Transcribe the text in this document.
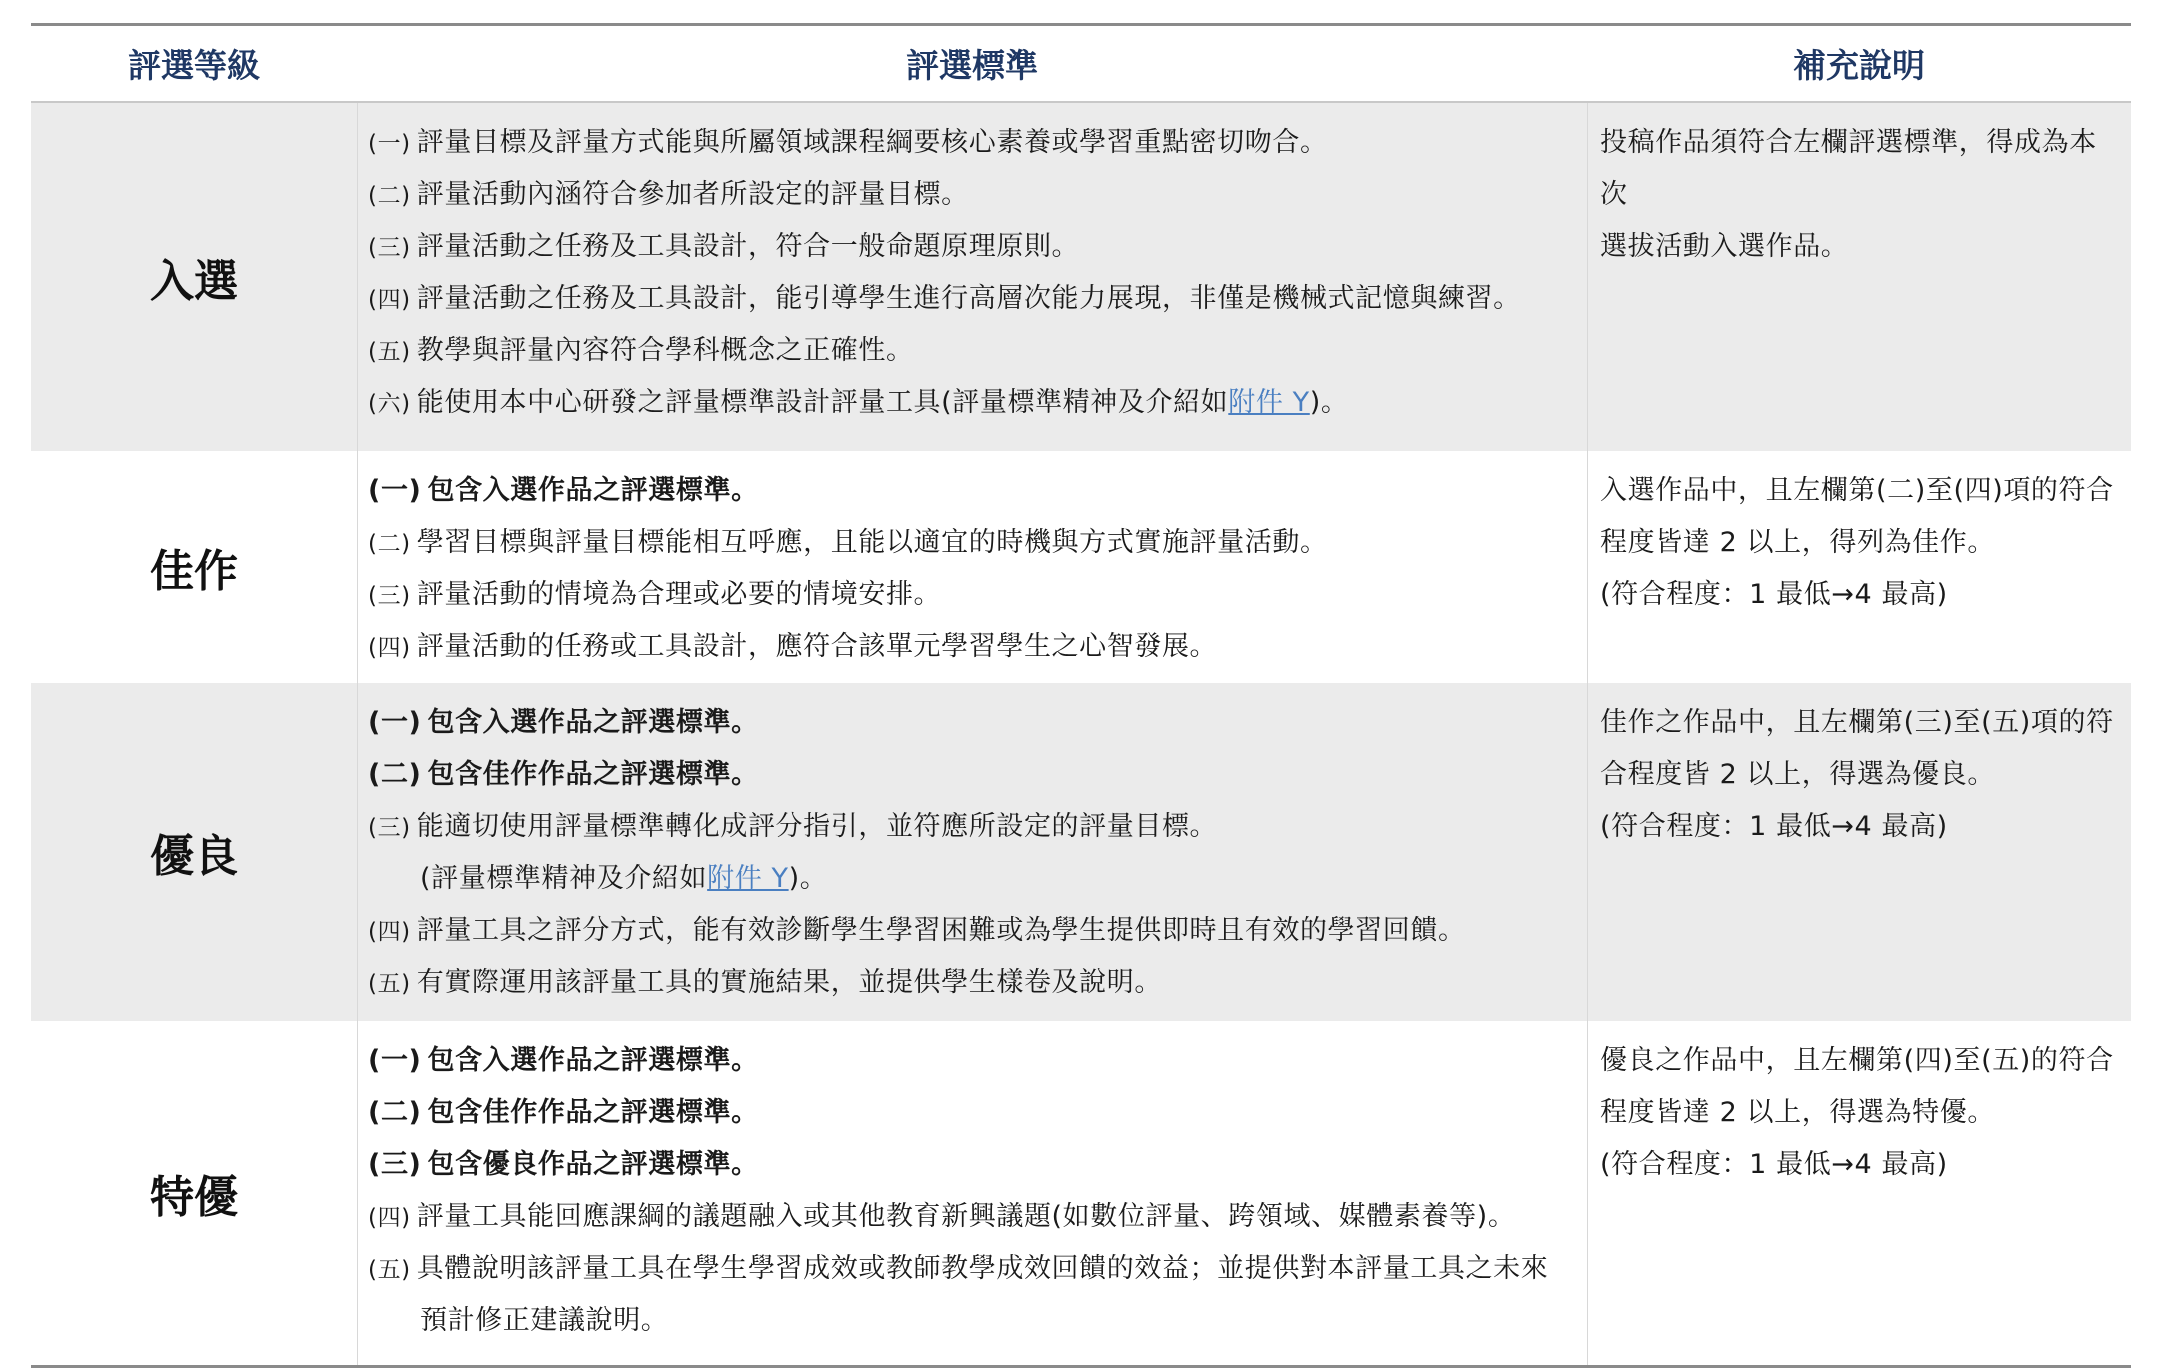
評選等級	評選標準	補充說明
入選
(一) 評量目標及評量方式能與所屬領域課程綱要核心素養或學習重點密切吻合。
(二) 評量活動內涵符合參加者所設定的評量目標。
(三) 評量活動之任務及工具設計，符合一般命題原理原則。
(四) 評量活動之任務及工具設計，能引導學生進行高層次能力展現，非僅是機械式記憶與練習。
(五) 教學與評量內容符合學科概念之正確性。
(六) 能使用本中心研發之評量標準設計評量工具(評量標準精神及介紹如附件 Y)。
投稿作品須符合左欄評選標準，得成為本次
選拔活動入選作品。
佳作
(一) 包含入選作品之評選標準。
(二) 學習目標與評量目標能相互呼應，且能以適宜的時機與方式實施評量活動。
(三) 評量活動的情境為合理或必要的情境安排。
(四) 評量活動的任務或工具設計，應符合該單元學習學生之心智發展。
入選作品中，且左欄第(二)至(四)項的符合
程度皆達 2 以上，得列為佳作。
(符合程度：1 最低→4 最高)
優良
(一) 包含入選作品之評選標準。
(二) 包含佳作作品之評選標準。
(三) 能適切使用評量標準轉化成評分指引，並符應所設定的評量目標。
(評量標準精神及介紹如附件 Y)。
(四) 評量工具之評分方式，能有效診斷學生學習困難或為學生提供即時且有效的學習回饋。
(五) 有實際運用該評量工具的實施結果，並提供學生樣卷及說明。
佳作之作品中，且左欄第(三)至(五)項的符
合程度皆 2 以上，得選為優良。
(符合程度：1 最低→4 最高)
特優
(一) 包含入選作品之評選標準。
(二) 包含佳作作品之評選標準。
(三) 包含優良作品之評選標準。
(四) 評量工具能回應課綱的議題融入或其他教育新興議題(如數位評量、跨領域、媒體素養等)。
(五) 具體說明該評量工具在學生學習成效或教師教學成效回饋的效益；並提供對本評量工具之未來
預計修正建議說明。
優良之作品中，且左欄第(四)至(五)的符合
程度皆達 2 以上，得選為特優。
(符合程度：1 最低→4 最高)
